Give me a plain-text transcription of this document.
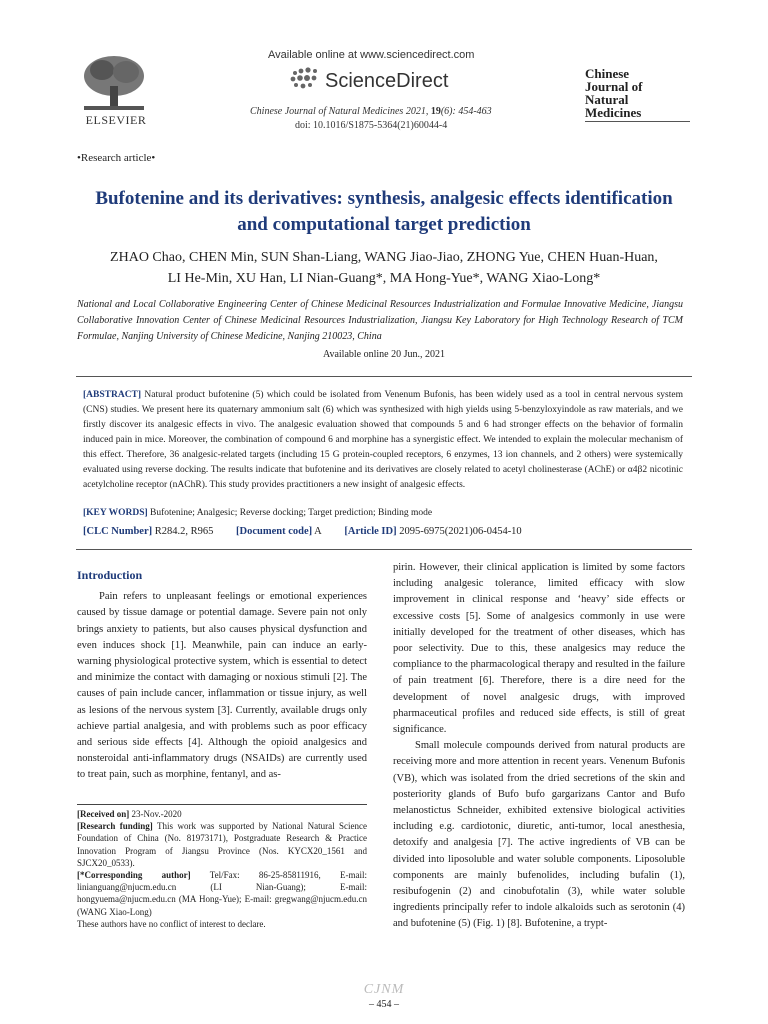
ELSEVIER
Available online at www.sciencedirect.com
ScienceDirect
Chinese Journal of Natural Medicines 2021, 19(6): 454-463
doi: 10.1016/S1875-5364(21)60044-4
Chinese
Journal of
Natural
Medicines
•Research article•
Bufotenine and its derivatives: synthesis, analgesic effects identification and computational target prediction
ZHAO Chao, CHEN Min, SUN Shan-Liang, WANG Jiao-Jiao, ZHONG Yue, CHEN Huan-Huan,
LI He-Min, XU Han, LI Nian-Guang*, MA Hong-Yue*, WANG Xiao-Long*
National and Local Collaborative Engineering Center of Chinese Medicinal Resources Industrialization and Formulae Innovative Medicine, Jiangsu Collaborative Innovation Center of Chinese Medicinal Resources Industrialization, Jiangsu Key Laboratory for High Technology Research of TCM Formulae, Nanjing University of Chinese Medicine, Nanjing 210023, China
Available online 20 Jun., 2021
[ABSTRACT] Natural product bufotenine (5) which could be isolated from Venenum Bufonis, has been widely used as a tool in central nervous system (CNS) studies. We present here its quaternary ammonium salt (6) which was synthesized with high yields using 5-benzyloxyindole as raw materials, and we firstly discover its analgesic effects in vivo. The analgesic evaluation showed that compounds 5 and 6 had stronger effects on the behavior of formalin induced pain in mice. Moreover, the combination of compound 6 and morphine has a synergistic effect. We intended to explain the molecular mechanism of this effect. Therefore, 36 analgesic-related targets (including 15 G protein-coupled receptors, 6 enzymes, 13 ion channels, and 2 others) were systemically evaluated using reverse docking. The results indicate that bufotenine and its derivatives are closely related to acetyl cholinesterase (AChE) or α4β2 nicotinic acetylcholine receptor (nAChR). This study provides practitioners a new insight of analgesic effects.
[KEY WORDS] Bufotenine; Analgesic; Reverse docking; Target prediction; Binding mode
[CLC Number] R284.2, R965 [Document code] A [Article ID] 2095-6975(2021)06-0454-10
Introduction

Pain refers to unpleasant feelings or emotional experiences caused by tissue damage or potential damage. Severe pain not only brings anxiety to patients, but also causes physical dysfunction and even induces shock [1]. Meanwhile, pain can induce an early-warning physiological protective system, which is essential to detect and minimize the contact with damaging or noxious stimuli [2]. The causes of pain include cancer, inflammation or tissue injury, as well as lesions of the nervous system [3]. Currently, available drugs only achieve partial analgesia, and with problems such as poor efficacy and serious side effects [4]. Although the opioid analgesics and nonsteroidal anti-inflammatory drugs (NSAIDs) are currently used to treat pain, such as morphine, fentanyl, and as-

pirin. However, their clinical application is limited by some factors including analgesic tolerance, limited efficacy with slow improvement in clinical response and ‘heavy’ side effects or excessive costs [5]. Some of analgesics commonly in use were initially developed for the treatment of other diseases, which has poor selectivity. Due to this, these analgesics may reduce the compliance to the pharmacological therapy and resulted in the failure of pain treatment [6]. Therefore, there is a dire need for the development of novel analgesic drugs, with improved pharmaceutical profiles and reduced side effects, is still of great significance.

Small molecule compounds derived from natural products are receiving more and more attention in recent years. Venenum Bufonis (VB), which was isolated from the dried secretions of the skin and posteriority glands of Bufo bufo gargarizans Cantor and Bufo melanostictus Schneider, exhibited extensive biological activities including e.g. cardiotonic, diuretic, anti-tumor, local anesthesia, detoxify and analgesia [7]. The active ingredients of VB can be divided into liposoluble and water soluble components. Liposoluble components are mainly bufenolides, including bufalin (1), resibufogenin (2) and cinobufotalin (3), while water soluble ingredients principally refer to indole alkaloids such as serotonin (4) and bufotenine (5) (Fig. 1) [8]. Bufotenine, a trypt-

[Received on] 23-Nov.-2020

[Research funding] This work was supported by National Natural Science Foundation of China (No. 81973171), Postgraduate Research & Practice Innovation Program of Jiangsu Province (Nos. KYCX20_1561 and SJCX20_0533).

[*Corresponding author] Tel/Fax: 86-25-85811916, E-mail: linianguang@njucm.edu.cn (LI Nian-Guang); E-mail: hongyuema@njucm.edu.cn (MA Hong-Yue); E-mail: gregwang@njucm.edu.cn (WANG Xiao-Long)

These authors have no conflict of interest to declare.

CJNM
– 454 –
